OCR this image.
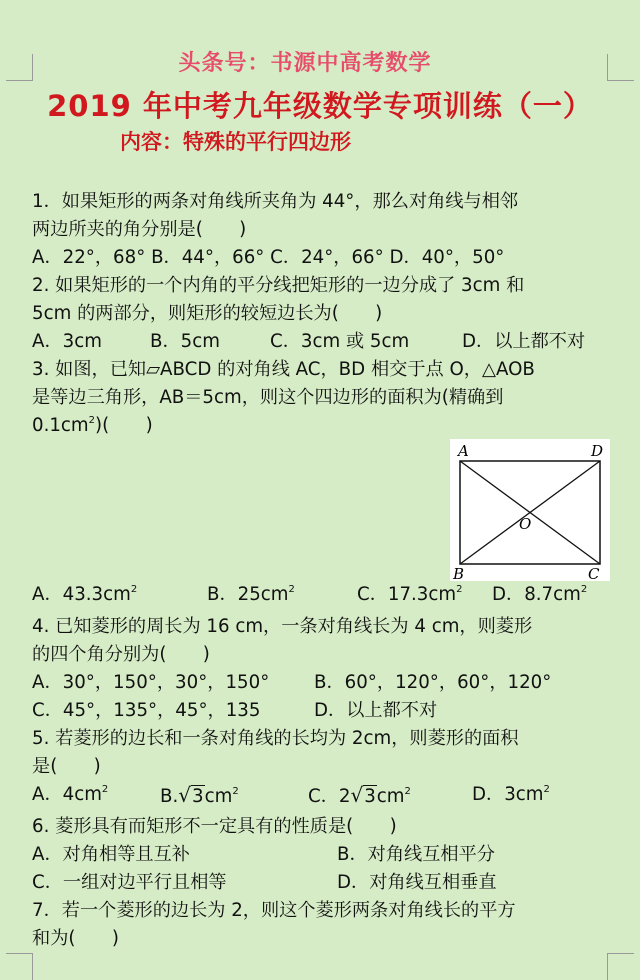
头条号：书源中高考数学
2019 年中考九年级数学专项训练（一）
内容：特殊的平行四边形
1．如果矩形的两条对角线所夹角为 44°，那么对角线与相邻
两边所夹的角分别是(　　)
A．22°，68° B．44°，66° C．24°，66° D．40°，50°
2. 如果矩形的一个内角的平分线把矩形的一边分成了 3cm 和
5cm 的两部分，则矩形的较短边长为(　　)
A．3cm	B．5cm	C．3cm 或 5cm	D．以上都不对
3. 如图，已知▱ABCD 的对角线 AC，BD 相交于点 O，△AOB
是等边三角形，AB＝5cm，则这个四边形的面积为(精确到
$0.1cm^2$)(　　)
A．$43.3cm^2$	B．$25cm^2$	C．$17.3cm^2$ D．$8.7cm^2$
4. 已知菱形的周长为 16 cm，一条对角线长为 4 cm，则菱形
的四个角分别为(　　)
A．30°，150°，30°，150° B．60°，120°，60°，120°
C．45°，135°，45°，135	D．以上都不对
5. 若菱形的边长和一条对角线的长均为 2cm，则菱形的面积
是(　　)
A．$4cm^2$	$B.√3cm^2$	C．$2√3cm^2$	D．$3cm^2$
6. 菱形具有而矩形不一定具有的性质是(　　)
A．对角相等且互补	B．对角线互相平分
C．一组对边平行且相等	D．对角线互相垂直
7．若一个菱形的边长为 2，则这个菱形两条对角线长的平方
和为(　　)
A	D
B	C
O
